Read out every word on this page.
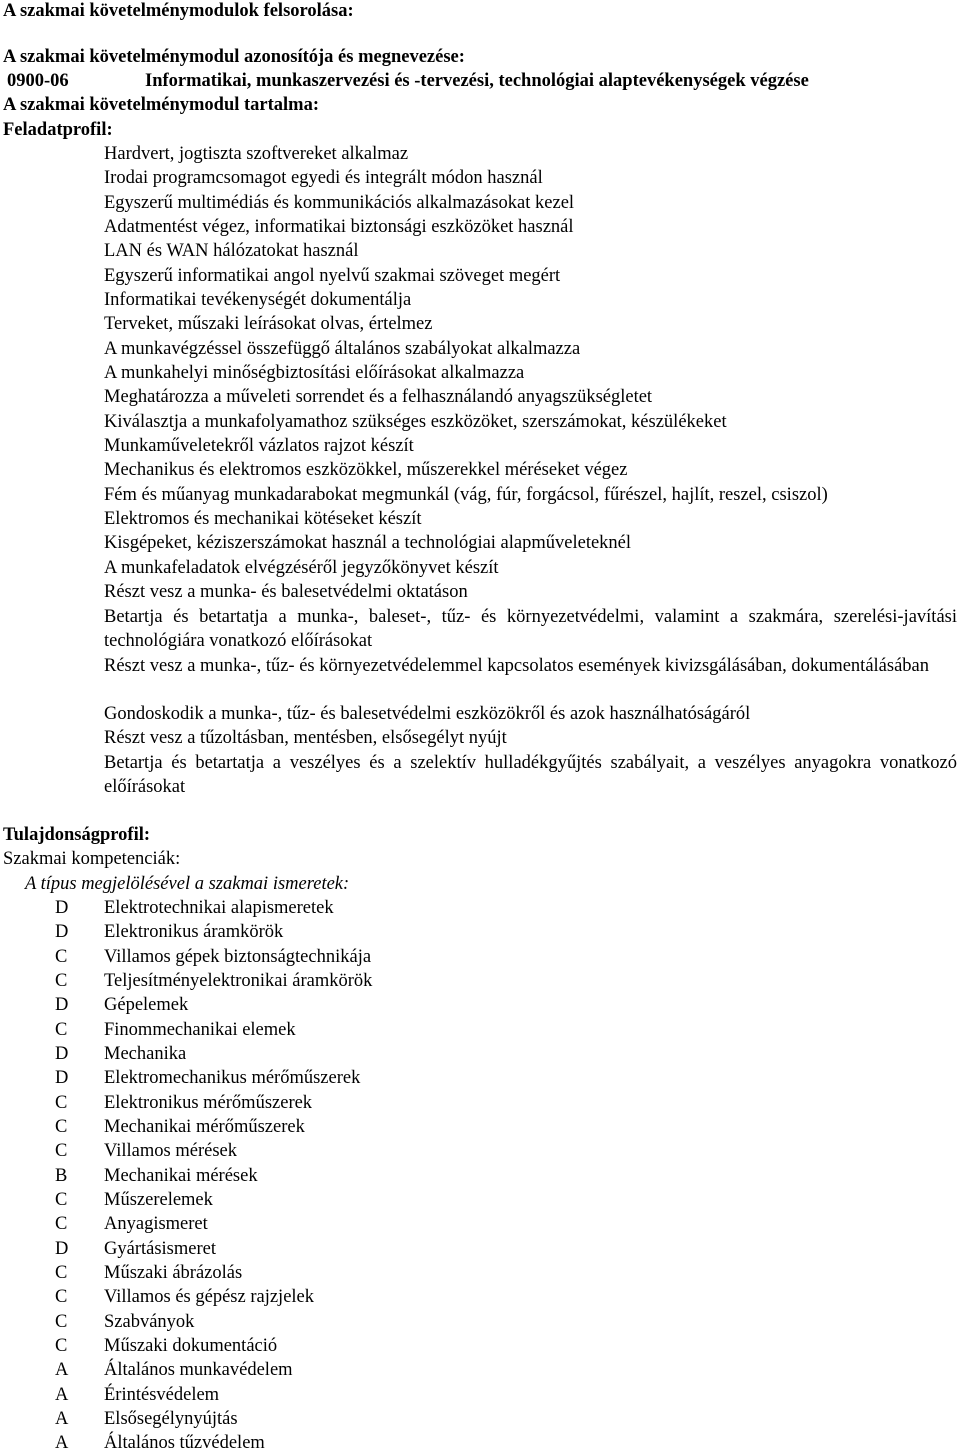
A szakmai követelménymodulok felsorolása:
A szakmai követelménymodul azonosítója és megnevezése:
0900-06	Informatikai, munkaszervezési és -tervezési, technológiai alaptevékenységek végzése
A szakmai követelménymodul tartalma:
Feladatprofil:
Hardvert, jogtiszta szoftvereket alkalmaz
Irodai programcsomagot egyedi és integrált módon használ
Egyszerű multimédiás és kommunikációs alkalmazásokat kezel
Adatmentést végez, informatikai biztonsági eszközöket használ
LAN és WAN hálózatokat használ
Egyszerű informatikai angol nyelvű szakmai szöveget megért
Informatikai tevékenységét dokumentálja
Terveket, műszaki leírásokat olvas, értelmez
A munkavégzéssel összefüggő általános szabályokat alkalmazza
A munkahelyi minőségbiztosítási előírásokat alkalmazza
Meghatározza a műveleti sorrendet és a felhasználandó anyagszükségletet
Kiválasztja a munkafolyamathoz szükséges eszközöket, szerszámokat, készülékeket
Munkaműveletekről vázlatos rajzot készít
Mechanikus és elektromos eszközökkel, műszerekkel méréseket végez
Fém és műanyag munkadarabokat megmunkál (vág, fúr, forgácsol, fűrészel, hajlít, reszel, csiszol)
Elektromos és mechanikai kötéseket készít
Kisgépeket, kéziszerszámokat használ a technológiai alapműveleteknél
A munkafeladatok elvégzéséről jegyzőkönyvet készít
Részt vesz a munka- és balesetvédelmi oktatáson
Betartja és betartatja a munka-, baleset-, tűz- és környezetvédelmi, valamint a szakmára, szerelési-javítási technológiára vonatkozó előírásokat
Részt vesz a munka-, tűz- és környezetvédelemmel kapcsolatos események kivizsgálásában, dokumentálásában
Gondoskodik a munka-, tűz- és balesetvédelmi eszközökről és azok használhatóságáról
Részt vesz a tűzoltásban, mentésben, elsősegélyt nyújt
Betartja és betartatja a veszélyes és a szelektív hulladékgyűjtés szabályait, a veszélyes anyagokra vonatkozó előírásokat
Tulajdonságprofil:
Szakmai kompetenciák:
A típus megjelölésével a szakmai ismeretek:
D	Elektrotechnikai alapismeretek
D	Elektronikus áramkörök
C	Villamos gépek biztonságtechnikája
C	Teljesítményelektronikai áramkörök
D	Gépelemek
C	Finommechanikai elemek
D	Mechanika
D	Elektromechanikus mérőműszerek
C	Elektronikus mérőműszerek
C	Mechanikai mérőműszerek
C	Villamos mérések
B	Mechanikai mérések
C	Műszerelemek
C	Anyagismeret
D	Gyártásismeret
C	Műszaki ábrázolás
C	Villamos és gépész rajzjelek
C	Szabványok
C	Műszaki dokumentáció
A	Általános munkavédelem
A	Érintésvédelem
A	Elsősegélynyújtás
A	Általános tűzvédelem
